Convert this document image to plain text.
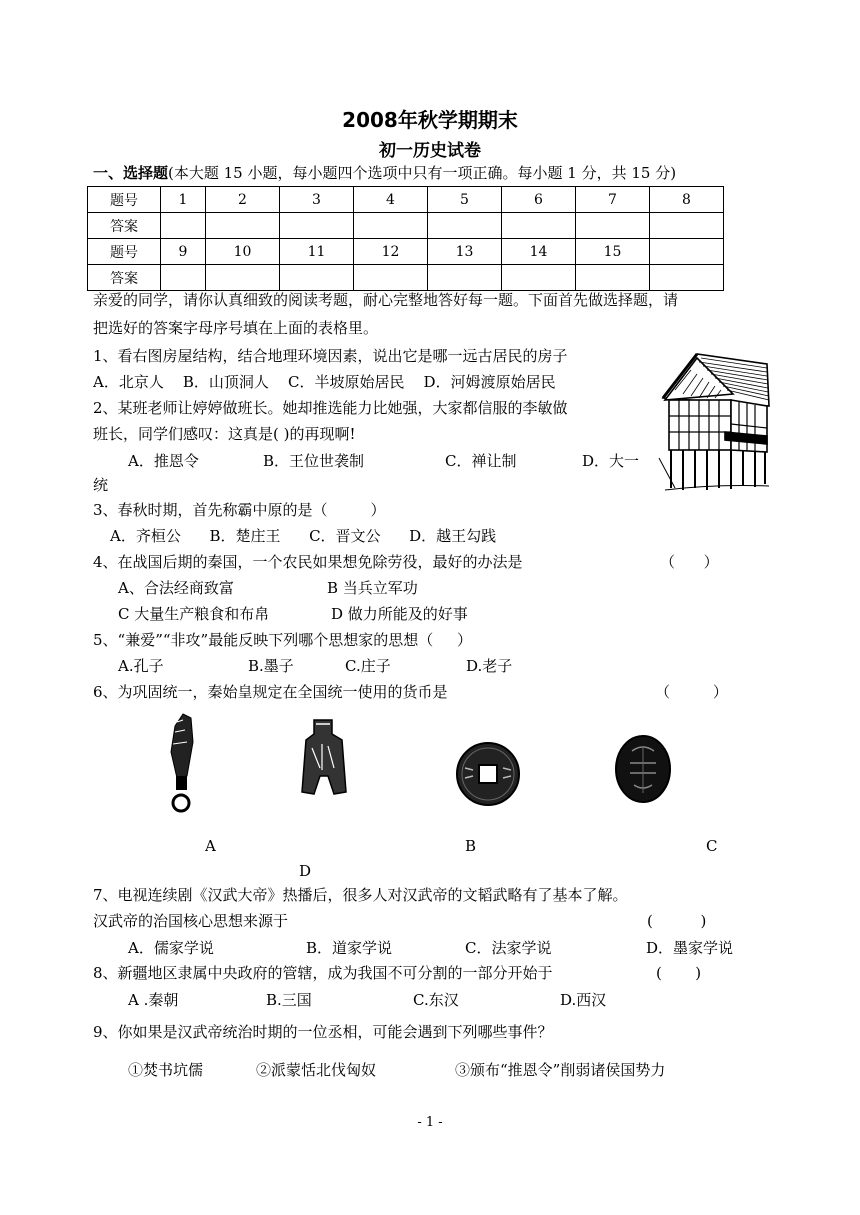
2008年秋学期期末
初一历史试卷
一、选择题(本大题 15 小题，每小题四个选项中只有一项正确。每小题 1 分，共 15 分)
题号	1	2	3	4	5	6	7	8
答案								
题号	9	10	11	12	13	14	15	
答案								
亲爱的同学，请你认真细致的阅读考题，耐心完整地答好每一题。下面首先做选择题，请
把选好的答案字母序号填在上面的表格里。
1、看右图房屋结构，结合地理环境因素，说出它是哪一远古居民的房子
A．北京人    B．山顶洞人    C．半坡原始居民    D．河姆渡原始居民
2、某班老师让婷婷做班长。她却推选能力比她强，大家都信服的李敏做
班长，同学们感叹：这真是( )的再现啊!
A．推恩令	B．王位世袭制	C．禅让制	D．大一
统
3、春秋时期，首先称霸中原的是（         ）
A．齐桓公      B．楚庄王      C．晋文公      D．越王勾践
4、在战国后期的秦国，一个农民如果想免除劳役，最好的办法是	（      ）
A、合法经商致富	B 当兵立军功
C 大量生产粮食和布帛	D 做力所能及的好事
5、“兼爱”“非攻”最能反映下列哪个思想家的思想（     ）
A.孔子	B.墨子	C.庄子	D.老子
6、为巩固统一，秦始皇规定在全国统一使用的货币是	（         ）
A	B	C
D
7、电视连续剧《汉武大帝》热播后，很多人对汉武帝的文韬武略有了基本了解。
汉武帝的治国核心思想来源于	(          )
A．儒家学说	B．道家学说	C．法家学说	D．墨家学说
8、新疆地区隶属中央政府的管辖，成为我国不可分割的一部分开始于	(       )
A .秦朝	B.三国	C.东汉	D.西汉
9、你如果是汉武帝统治时期的一位丞相，可能会遇到下列哪些事件？
①焚书坑儒	②派蒙恬北伐匈奴	③颁布“推恩令”削弱诸侯国势力
- 1 -
